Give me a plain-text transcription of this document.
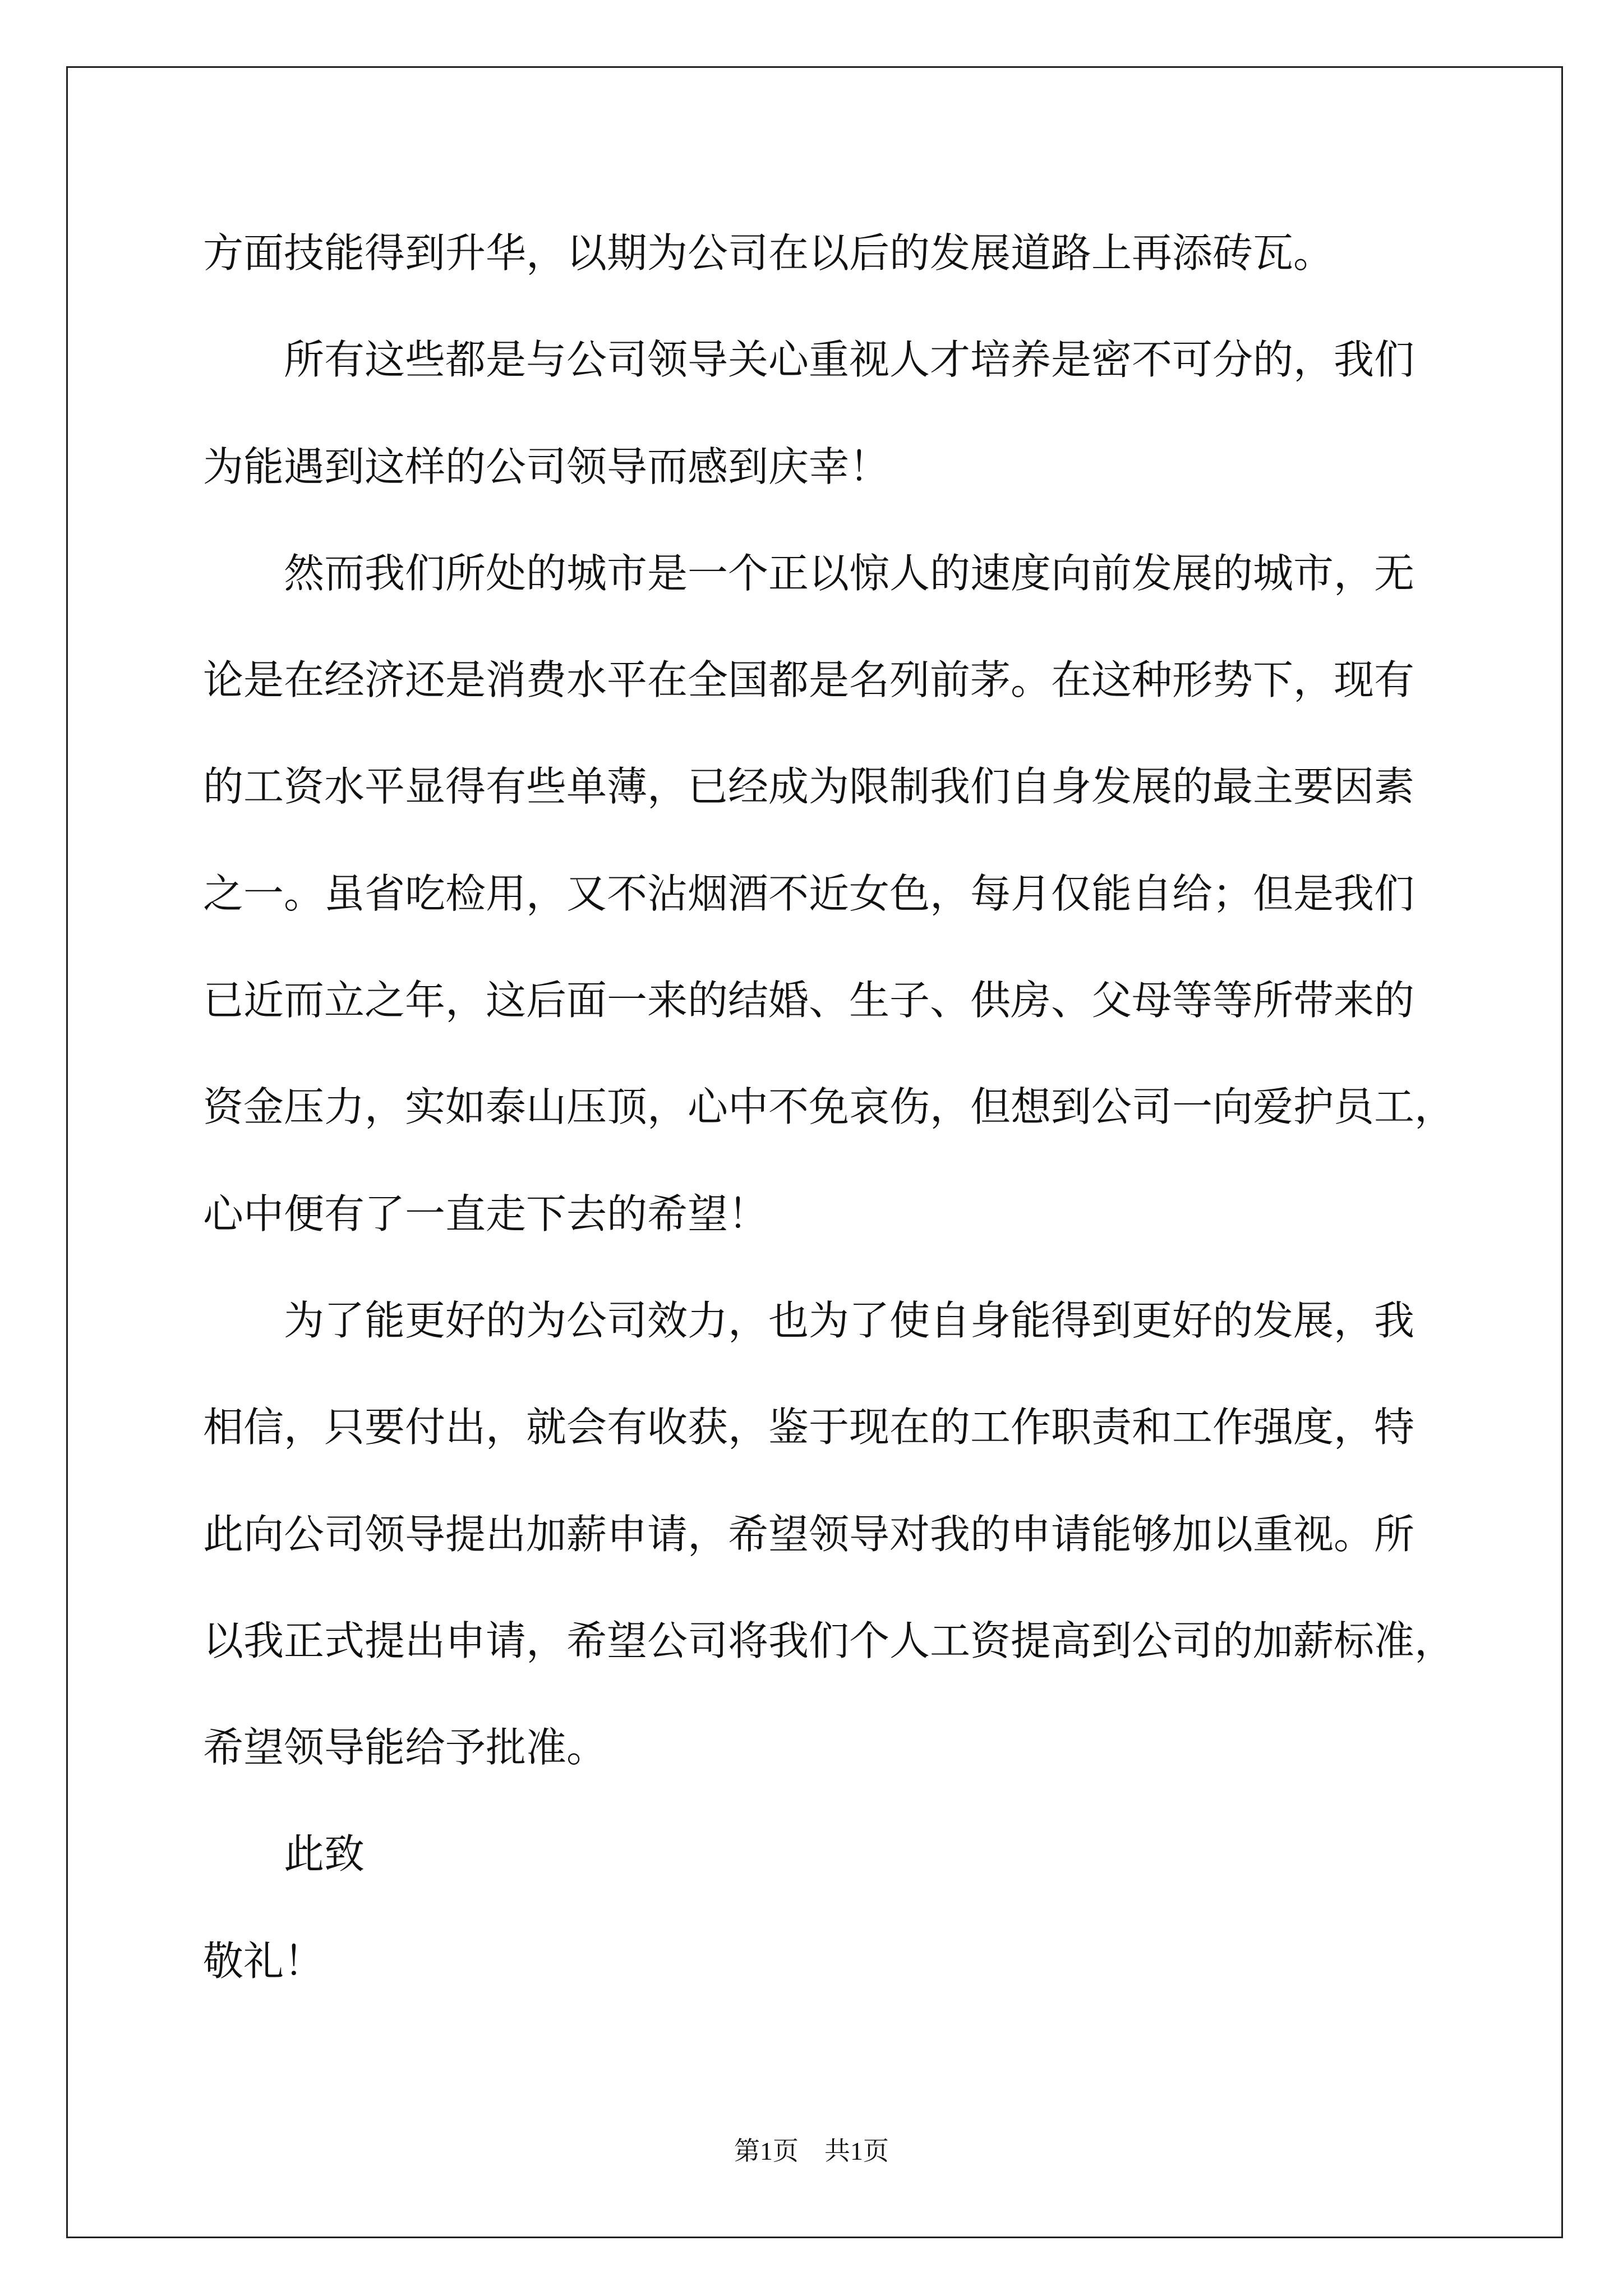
方面技能得到升华，以期为公司在以后的发展道路上再添砖瓦。
所有这些都是与公司领导关心重视人才培养是密不可分的，我们
为能遇到这样的公司领导而感到庆幸！
然而我们所处的城市是一个正以惊人的速度向前发展的城市，无
论是在经济还是消费水平在全国都是名列前茅。在这种形势下，现有
的工资水平显得有些单薄，已经成为限制我们自身发展的最主要因素
之一。虽省吃检用，又不沾烟酒不近女色，每月仅能自给；但是我们
已近而立之年，这后面一来的结婚、生子、供房、父母等等所带来的
资金压力，实如泰山压顶，心中不免哀伤，但想到公司一向爱护员工，
心中便有了一直走下去的希望！
为了能更好的为公司效力，也为了使自身能得到更好的发展，我
相信，只要付出，就会有收获，鉴于现在的工作职责和工作强度，特
此向公司领导提出加薪申请，希望领导对我的申请能够加以重视。所
以我正式提出申请，希望公司将我们个人工资提高到公司的加薪标准，
希望领导能给予批准。
此致
敬礼！
第1页　共1页
